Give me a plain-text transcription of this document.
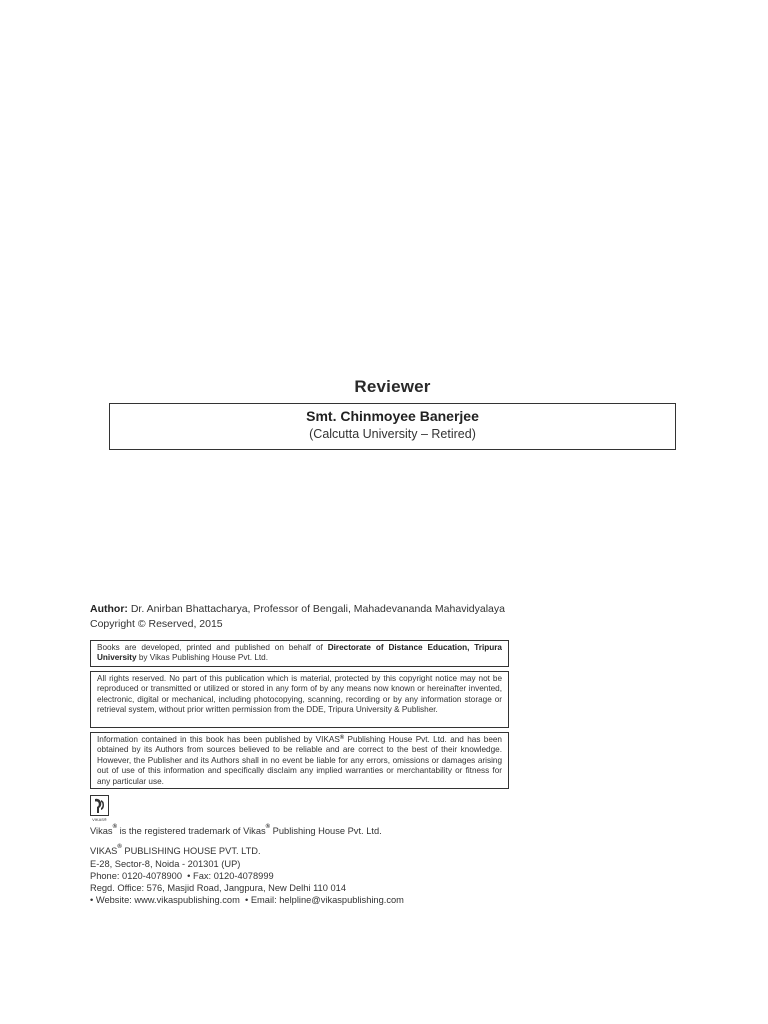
Reviewer
Smt. Chinmoyee Banerjee
(Calcutta University – Retired)
Author: Dr. Anirban Bhattacharya, Professor of Bengali, Mahadevananda Mahavidyalaya
Copyright © Reserved, 2015
Books are developed, printed and published on behalf of Directorate of Distance Education, Tripura University by Vikas Publishing House Pvt. Ltd.
All rights reserved. No part of this publication which is material, protected by this copyright notice may not be reproduced or transmitted or utilized or stored in any form of by any means now known or hereinafter invented, electronic, digital or mechanical, including photocopying, scanning, recording or by any information storage or retrieval system, without prior written permission from the DDE, Tripura University & Publisher.
Information contained in this book has been published by VIKAS® Publishing House Pvt. Ltd. and has been obtained by its Authors from sources believed to be reliable and are correct to the best of their knowledge. However, the Publisher and its Authors shall in no event be liable for any errors, omissions or damages arising out of use of this information and specifically disclaim any implied warranties or merchantability or fitness for any particular use.
VIKAS®
Vikas® is the registered trademark of Vikas® Publishing House Pvt. Ltd.
VIKAS® PUBLISHING HOUSE PVT. LTD.
E-28, Sector-8, Noida - 201301 (UP)
Phone: 0120-4078900  • Fax: 0120-4078999
Regd. Office: 576, Masjid Road, Jangpura, New Delhi 110 014
• Website: www.vikaspublishing.com  • Email: helpline@vikaspublishing.com
